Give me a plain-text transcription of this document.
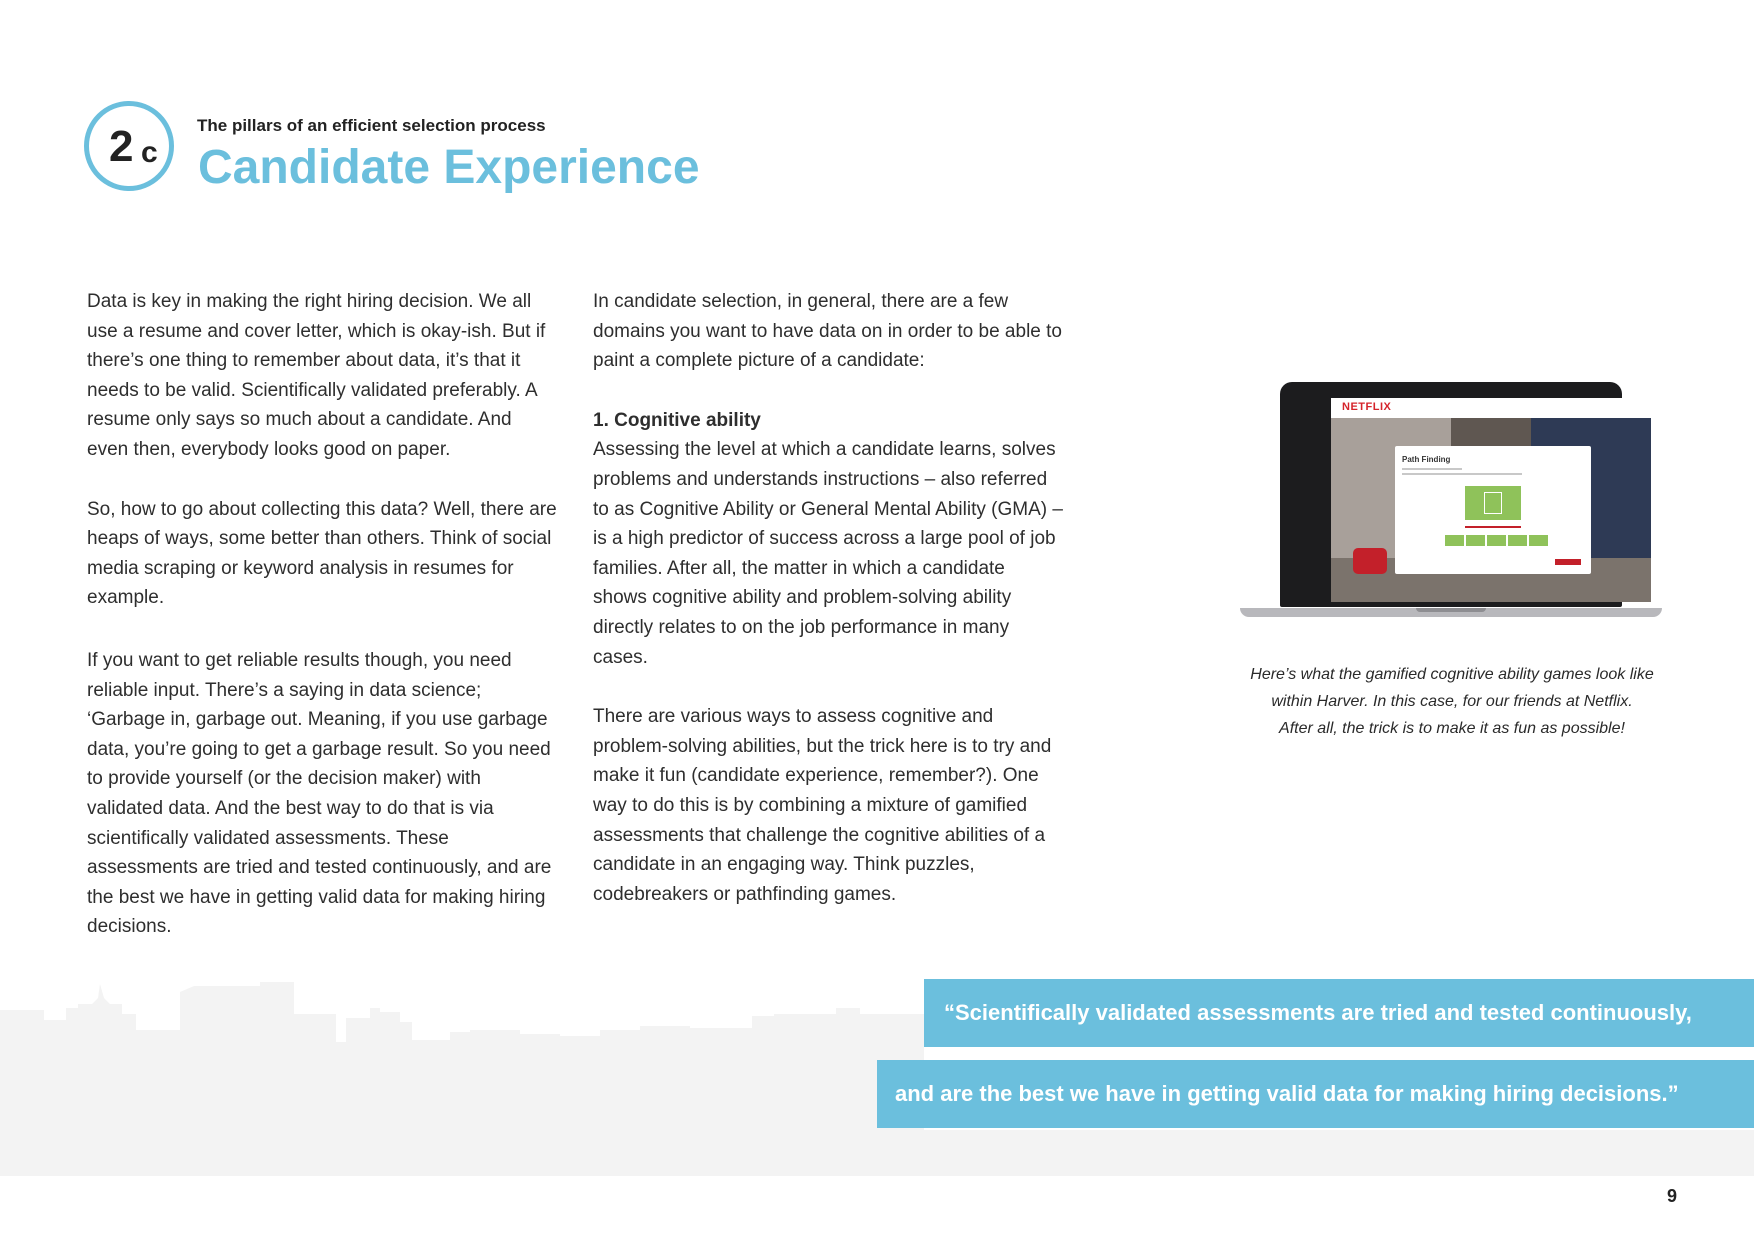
2 c
The pillars of an efficient selection process
Candidate Experience

Data is key in making the right hiring decision. We all use a resume and cover letter, which is okay-ish. But if there’s one thing to remember about data, it’s that it needs to be valid. Scientifically validated preferably. A resume only says so much about a candidate. And even then, everybody looks good on paper.

So, how to go about collecting this data? Well, there are heaps of ways, some better than others. Think of social media scraping or keyword analysis in resumes for example.

If you want to get reliable results though, you need reliable input. There’s a saying in data science; ‘Garbage in, garbage out. Meaning, if you use garbage data, you’re going to get a garbage result. So you need to provide yourself (or the decision maker) with validated data. And the best way to do that is via scientifically validated assessments. These assessments are tried and tested continuously, and are the best we have in getting valid data for making hiring decisions.

In candidate selection, in general, there are a few domains you want to have data on in order to be able to paint a complete picture of a candidate:

1. Cognitive ability

Assessing the level at which a candidate learns, solves problems and understands instructions – also referred to as Cognitive Ability or General Mental Ability (GMA) – is a high predictor of success across a large pool of job families. After all, the matter in which a candidate shows cognitive ability and problem-solving ability directly relates to on the job performance in many cases.

There are various ways to assess cognitive and problem-solving abilities, but the trick here is to try and make it fun (candidate experience, remember?). One way to do this is by combining a mixture of gamified assessments that challenge the cognitive abilities of a candidate in an engaging way. Think puzzles, codebreakers or pathfinding games.

NETFLIX
Path Finding

Here’s what the gamified cognitive ability games look like

within Harver. In this case, for our friends at Netflix.

After all, the trick is to make it as fun as possible!

“Scientifically validated assessments are tried and tested continuously,
and are the best we have in getting valid data for making hiring decisions.”
9
